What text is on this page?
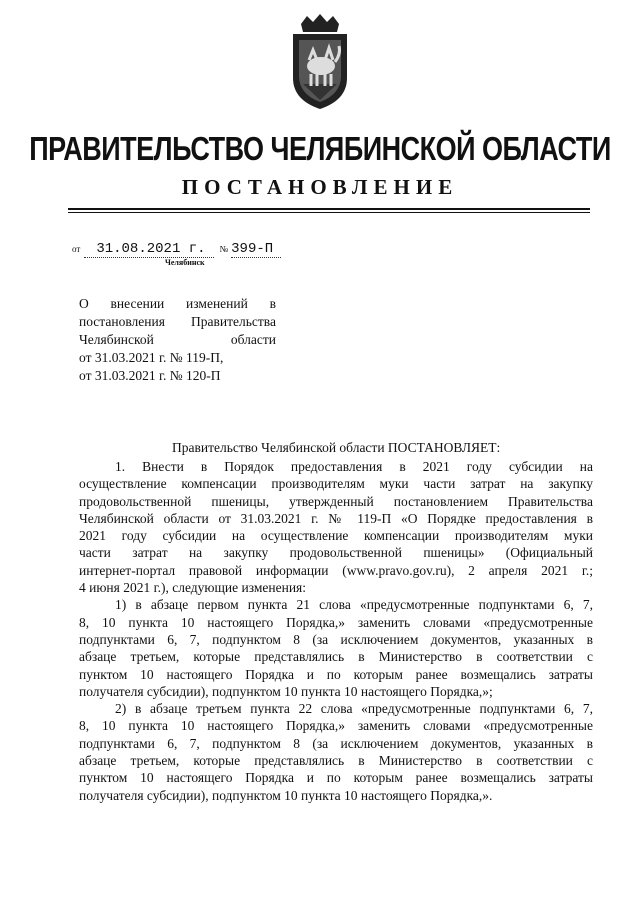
ПРАВИТЕЛЬСТВО ЧЕЛЯБИНСКОЙ ОБЛАСТИ
ПОСТАНОВЛЕНИЕ
от 31.08.2021 г. № 399-П
Челябинск
О внесении изменений в
постановления Правительства
Челябинской области
от 31.03.2021 г. № 119-П,
от 31.03.2021 г. № 120-П
Правительство Челябинской области ПОСТАНОВЛЯЕТ:

1. Внести в Порядок предоставления в 2021 году субсидии на

осуществление компенсации производителям муки части затрат на закупку

продовольственной пшеницы, утвержденный постановлением Правительства

Челябинской области от 31.03.2021 г. № 119-П «О Порядке предоставления в

2021 году субсидии на осуществление компенсации производителям муки

части затрат на закупку продовольственной пшеницы» (Официальный

интернет-портал правовой информации (www.pravo.gov.ru), 2 апреля 2021 г.;

4 июня 2021 г.), следующие изменения:

1) в абзаце первом пункта 21 слова «предусмотренные подпунктами 6, 7,

8, 10 пункта 10 настоящего Порядка,» заменить словами «предусмотренные

подпунктами 6, 7, подпунктом 8 (за исключением документов, указанных в

абзаце третьем, которые представлялись в Министерство в соответствии с

пунктом 10 настоящего Порядка и по которым ранее возмещались затраты

получателя субсидии), подпунктом 10 пункта 10 настоящего Порядка,»;

2) в абзаце третьем пункта 22 слова «предусмотренные подпунктами 6, 7,

8, 10 пункта 10 настоящего Порядка,» заменить словами «предусмотренные

подпунктами 6, 7, подпунктом 8 (за исключением документов, указанных в

абзаце третьем, которые представлялись в Министерство в соответствии с

пунктом 10 настоящего Порядка и по которым ранее возмещались затраты

получателя субсидии), подпунктом 10 пункта 10 настоящего Порядка,».
